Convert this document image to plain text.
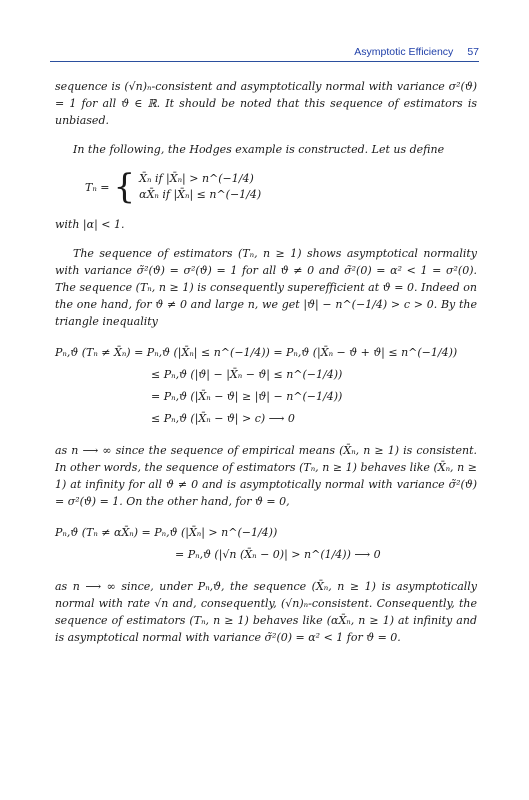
Asymptotic Efficiency 57

sequence is (√n)ₙ-consistent and asymptotically normal with variance σ²(ϑ) = 1 for all ϑ ∈ ℝ. It should be noted that this sequence of estimators is unbiased.

In the following, the Hodges example is constructed. Let us define

Tₙ = { X̄ₙ if |X̄ₙ| > n^(−1/4)
αX̄ₙ if |X̄ₙ| ≤ n^(−1/4)

with |α| < 1.

The sequence of estimators (Tₙ, n ≥ 1) shows asymptotical normality with variance σ̃²(ϑ) = σ²(ϑ) = 1 for all ϑ ≠ 0 and σ̃²(0) = α² < 1 = σ²(0). The sequence (Tₙ, n ≥ 1) is consequently superefficient at ϑ = 0. Indeed on the one hand, for ϑ ≠ 0 and large n, we get |ϑ| − n^(−1/4) > c > 0. By the triangle inequality

Pₙ,ϑ (Tₙ ≠ X̄ₙ) = Pₙ,ϑ (|X̄ₙ| ≤ n^(−1/4)) = Pₙ,ϑ (|X̄ₙ − ϑ + ϑ| ≤ n^(−1/4))
≤ Pₙ,ϑ (|ϑ| − |X̄ₙ − ϑ| ≤ n^(−1/4))
= Pₙ,ϑ (|X̄ₙ − ϑ| ≥ |ϑ| − n^(−1/4))
≤ Pₙ,ϑ (|X̄ₙ − ϑ| > c) ⟶ 0

as n ⟶ ∞ since the sequence of empirical means (X̄ₙ, n ≥ 1) is consistent. In other words, the sequence of estimators (Tₙ, n ≥ 1) behaves like (X̄ₙ, n ≥ 1) at infinity for all ϑ ≠ 0 and is asymptotically normal with variance σ̃²(ϑ) = σ²(ϑ) = 1. On the other hand, for ϑ = 0,

Pₙ,ϑ (Tₙ ≠ αX̄ₙ) = Pₙ,ϑ (|X̄ₙ| > n^(−1/4))
= Pₙ,ϑ (|√n (X̄ₙ − 0)| > n^(1/4)) ⟶ 0

as n ⟶ ∞ since, under Pₙ,ϑ, the sequence (X̄ₙ, n ≥ 1) is asymptotically normal with rate √n and, consequently, (√n)ₙ-consistent. Consequently, the sequence of estimators (Tₙ, n ≥ 1) behaves like (αX̄ₙ, n ≥ 1) at infinity and is asymptotical normal with variance σ̃²(0) = α² < 1 for ϑ = 0.
